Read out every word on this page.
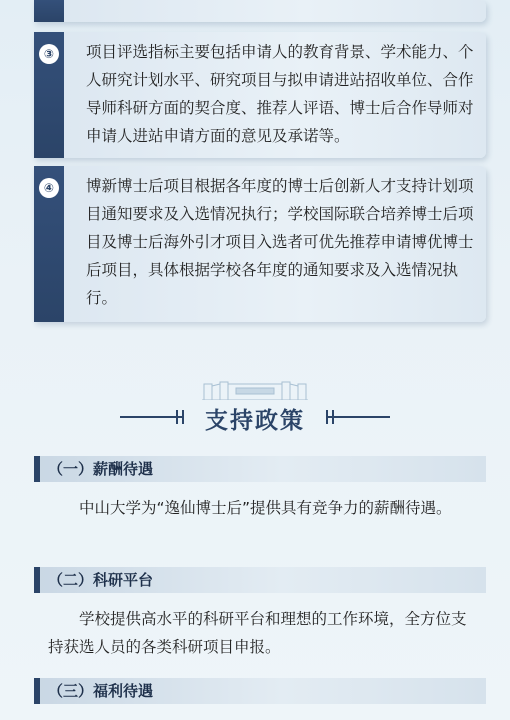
③	项目评选指标主要包括申请人的教育背景、学术能力、个人研究计划水平、研究项目与拟申请进站招收单位、合作导师科研方面的契合度、推荐人评语、博士后合作导师对申请人进站申请方面的意见及承诺等。
④	博新博士后项目根据各年度的博士后创新人才支持计划项目通知要求及入选情况执行；学校国际联合培养博士后项目及博士后海外引才项目入选者可优先推荐申请博优博士后项目，具体根据学校各年度的通知要求及入选情况执行。
支持政策
（一）薪酬待遇
中山大学为“逸仙博士后”提供具有竞争力的薪酬待遇。
（二）科研平台
学校提供高水平的科研平台和理想的工作环境，全方位支持获选人员的各类科研项目申报。
（三）福利待遇
